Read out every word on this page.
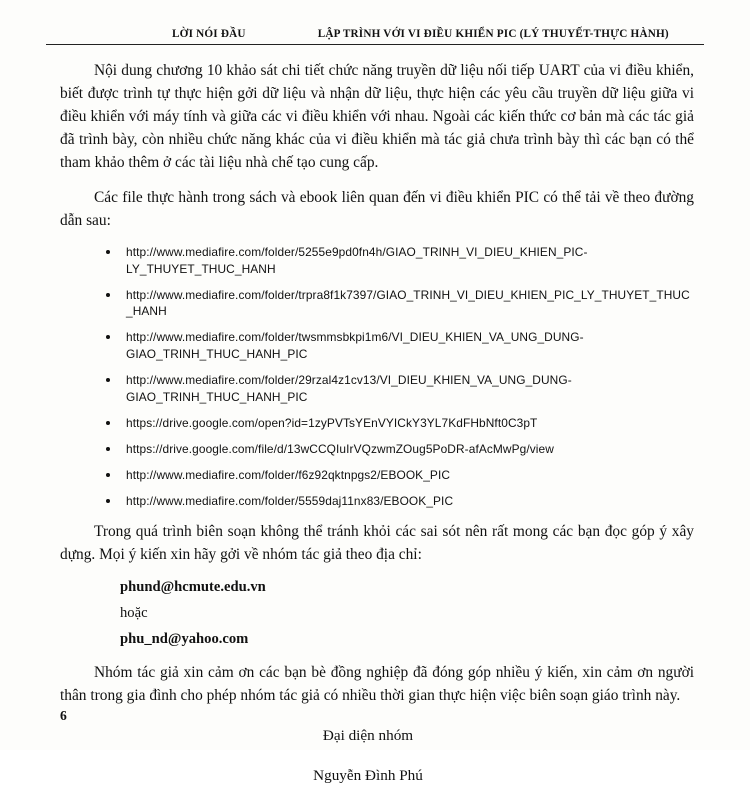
LỜI NÓI ĐẦU	LẬP TRÌNH VỚI VI ĐIỀU KHIỂN PIC (LÝ THUYẾT-THỰC HÀNH)

Nội dung chương 10 khảo sát chi tiết chức năng truyền dữ liệu nối tiếp UART của vi điều khiển, biết được trình tự thực hiện gởi dữ liệu và nhận dữ liệu, thực hiện các yêu cầu truyền dữ liệu giữa vi điều khiển với máy tính và giữa các vi điều khiển với nhau. Ngoài các kiến thức cơ bản mà các tác giả đã trình bày, còn nhiều chức năng khác của vi điều khiển mà tác giả chưa trình bày thì các bạn có thể tham khảo thêm ở các tài liệu nhà chế tạo cung cấp.

Các file thực hành trong sách và ebook liên quan đến vi điều khiển PIC có thể tải về theo đường dẫn sau:

http://www.mediafire.com/folder/5255e9pd0fn4h/GIAO_TRINH_VI_DIEU_KHIEN_PIC-LY_THUYET_THUC_HANH
http://www.mediafire.com/folder/trpra8f1k7397/GIAO_TRINH_VI_DIEU_KHIEN_PIC_LY_THUYET_THUC_HANH
http://www.mediafire.com/folder/twsmmsbkpi1m6/VI_DIEU_KHIEN_VA_UNG_DUNG-GIAO_TRINH_THUC_HANH_PIC
http://www.mediafire.com/folder/29rzal4z1cv13/VI_DIEU_KHIEN_VA_UNG_DUNG-GIAO_TRINH_THUC_HANH_PIC
https://drive.google.com/open?id=1zyPVTsYEnVYICkY3YL7KdFHbNft0C3pT
https://drive.google.com/file/d/13wCCQIuIrVQzwmZOug5PoDR-afAcMwPg/view
http://www.mediafire.com/folder/f6z92qktnpgs2/EBOOK_PIC
http://www.mediafire.com/folder/5559daj11nx83/EBOOK_PIC

Trong quá trình biên soạn không thể tránh khỏi các sai sót nên rất mong các bạn đọc góp ý xây dựng. Mọi ý kiến xin hãy gởi về nhóm tác giả theo địa chỉ:

phund@hcmute.edu.vn
hoặc
phu_nd@yahoo.com

Nhóm tác giả xin cảm ơn các bạn bè đồng nghiệp đã đóng góp nhiều ý kiến, xin cảm ơn người thân trong gia đình cho phép nhóm tác giả có nhiều thời gian thực hiện việc biên soạn giáo trình này.

Đại diện nhóm
Nguyễn Đình Phú
6
